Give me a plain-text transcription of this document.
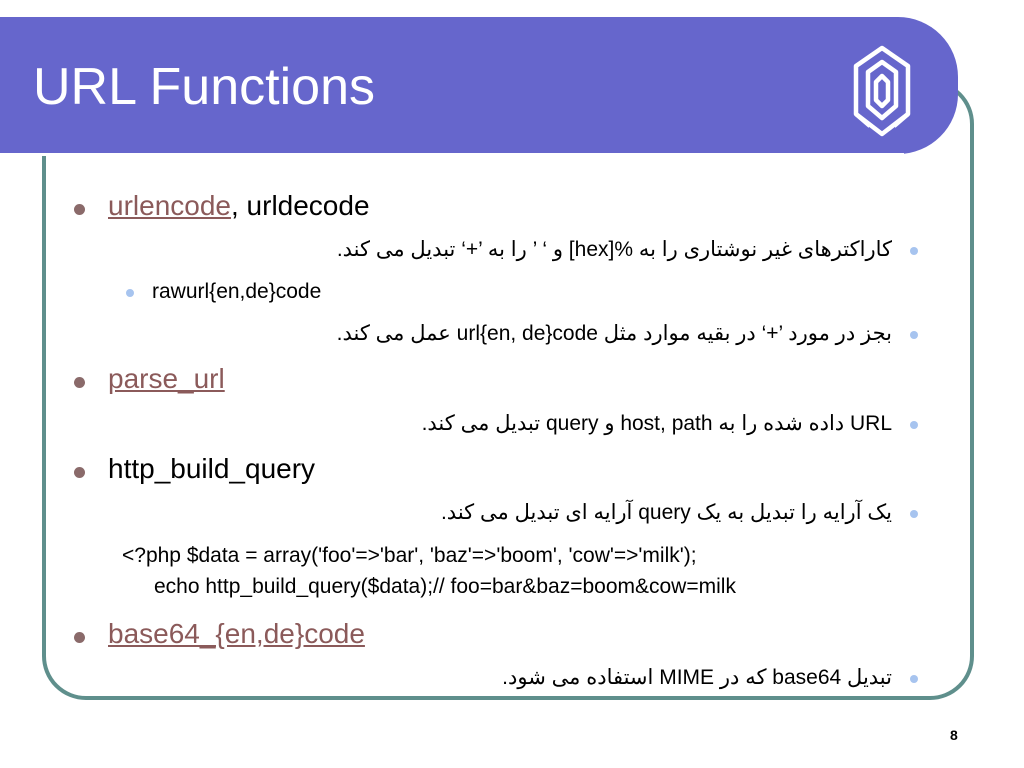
URL Functions
urlencode, urldecode
کاراکترهای غیر نوشتاری را به %[hex] و ‘ ’ را به ’+‘ تبدیل می کند.
rawurl{en,de}code
بجز در مورد ’+‘ در بقیه موارد مثل url{en, de}code عمل می کند.
parse_url
URL داده شده را به host, path و query تبدیل می کند.
http_build_query
یک آرایه را تبدیل به یک query آرایه ای تبدیل می کند.
<?php $data = array('foo'=>'bar', 'baz'=>'boom', 'cow'=>'milk');
echo http_build_query($data);// foo=bar&baz=boom&cow=milk
base64_{en,de}code
تبدیل base64 که در MIME استفاده می شود.
8
